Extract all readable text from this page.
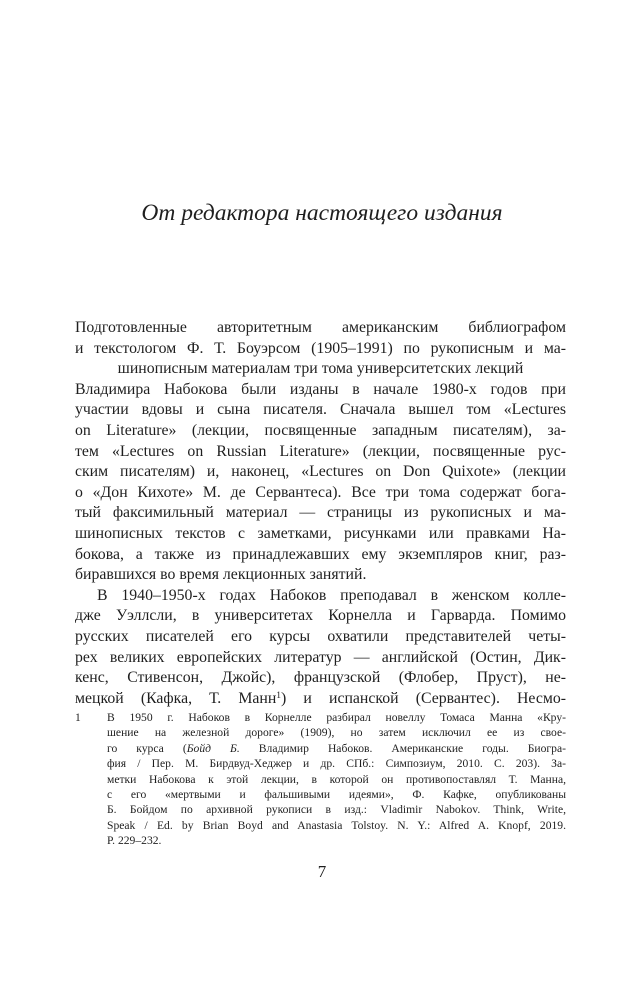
От редактора настоящего издания
Подготовленные авторитетным американским библиографом
и текстологом Ф. Т. Боуэрсом (1905–1991) по рукописным и ма-
шинописным материалам три тома университетских лекций
Владимира Набокова были изданы в начале 1980-х годов при
участии вдовы и сына писателя. Сначала вышел том «Lectures
on Literature» (лекции, посвященные западным писателям), за-
тем «Lectures on Russian Literature» (лекции, посвященные рус-
ским писателям) и, наконец, «Lectures on Don Quixote» (лекции
о «Дон Кихоте» М. де Сервантеса). Все три тома содержат бога-
тый факсимильный материал — страницы из рукописных и ма-
шинописных текстов с заметками, рисунками или правками На-
бокова, а также из принадлежавших ему экземпляров книг, раз-
биравшихся во время лекционных занятий.
В 1940–1950-х годах Набоков преподавал в женском колле-
дже Уэллсли, в университетах Корнелла и Гарварда. Помимо
русских писателей его курсы охватили представителей четы-
рех великих европейских литератур — английской (Остин, Дик-
кенс, Стивенсон, Джойс), французской (Флобер, Пруст), не-
мецкой (Кафка, Т. Манн$^1$) и испанской (Сервантес). Несмо-
1 В 1950 г. Набоков в Корнелле разбирал новеллу Томаса Манна «Кру-
шение на железной дороге» (1909), но затем исключил ее из свое-
го курса (Бойд Б. Владимир Набоков. Американские годы. Биогра-
фия / Пер. М. Бирдвуд-Хеджер и др. СПб.: Симпозиум, 2010. С. 203). За-
метки Набокова к этой лекции, в которой он противопоставлял Т. Манна,
с его «мертвыми и фальшивыми идеями», Ф. Кафке, опубликованы
Б. Бойдом по архивной рукописи в изд.: Vladimir Nabokov. Think, Write,
Speak / Ed. by Brian Boyd and Anastasia Tolstoy. N. Y.: Alfred A. Knopf, 2019.
P. 229–232.
7
